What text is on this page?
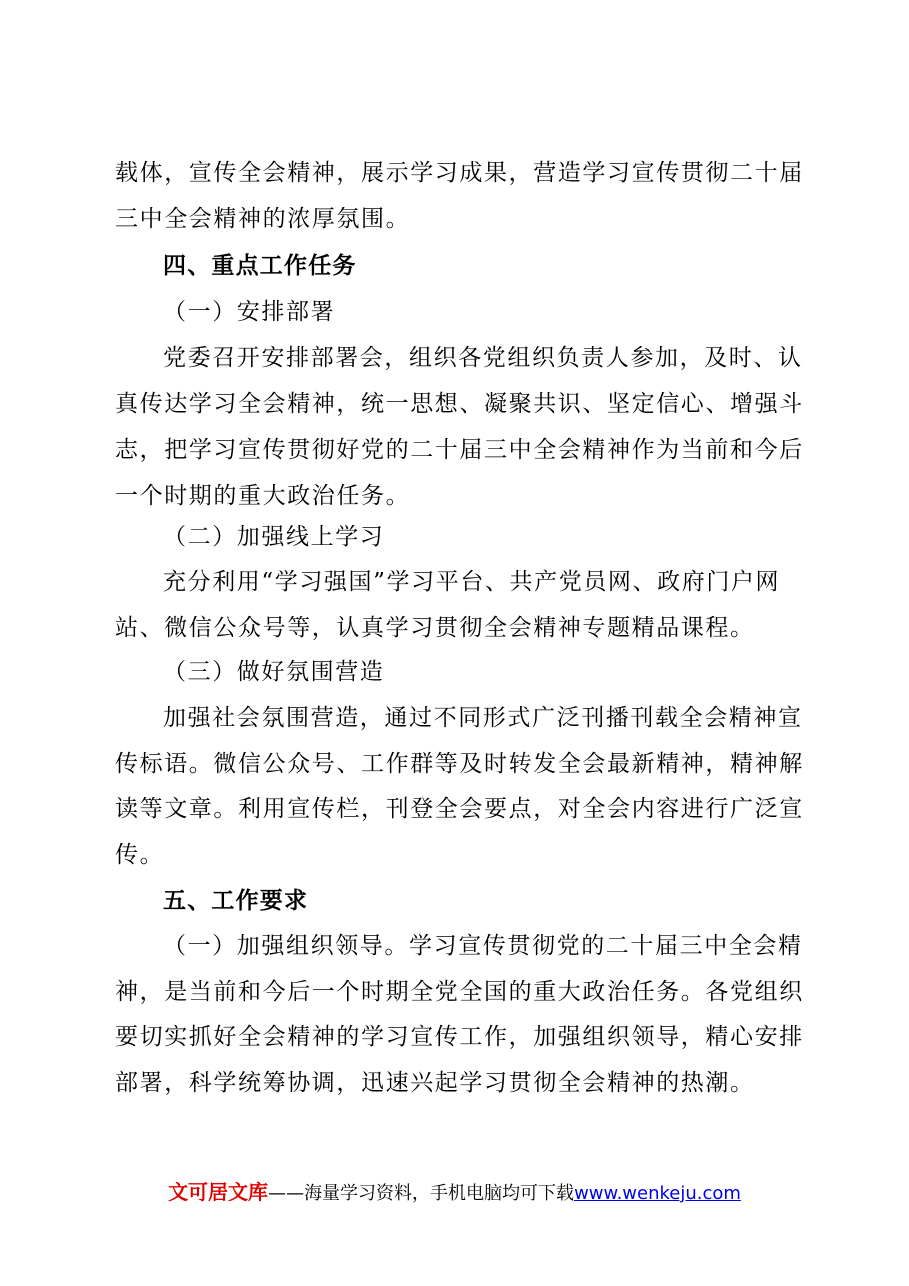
载体，宣传全会精神，展示学习成果，营造学习宣传贯彻二十届
三中全会精神的浓厚氛围。
四、重点工作任务
（一）安排部署
党委召开安排部署会，组织各党组织负责人参加，及时、认
真传达学习全会精神，统一思想、凝聚共识、坚定信心、增强斗
志，把学习宣传贯彻好党的二十届三中全会精神作为当前和今后
一个时期的重大政治任务。
（二）加强线上学习
充分利用“学习强国”学习平台、共产党员网、政府门户网
站、微信公众号等，认真学习贯彻全会精神专题精品课程。
（三）做好氛围营造
加强社会氛围营造，通过不同形式广泛刊播刊载全会精神宣
传标语。微信公众号、工作群等及时转发全会最新精神，精神解
读等文章。利用宣传栏，刊登全会要点，对全会内容进行广泛宣
传。
五、工作要求
（一）加强组织领导。学习宣传贯彻党的二十届三中全会精
神，是当前和今后一个时期全党全国的重大政治任务。各党组织
要切实抓好全会精神的学习宣传工作，加强组织领导，精心安排
部署，科学统筹协调，迅速兴起学习贯彻全会精神的热潮。
文可居文库——海量学习资料，手机电脑均可下载www.wenkeju.com
